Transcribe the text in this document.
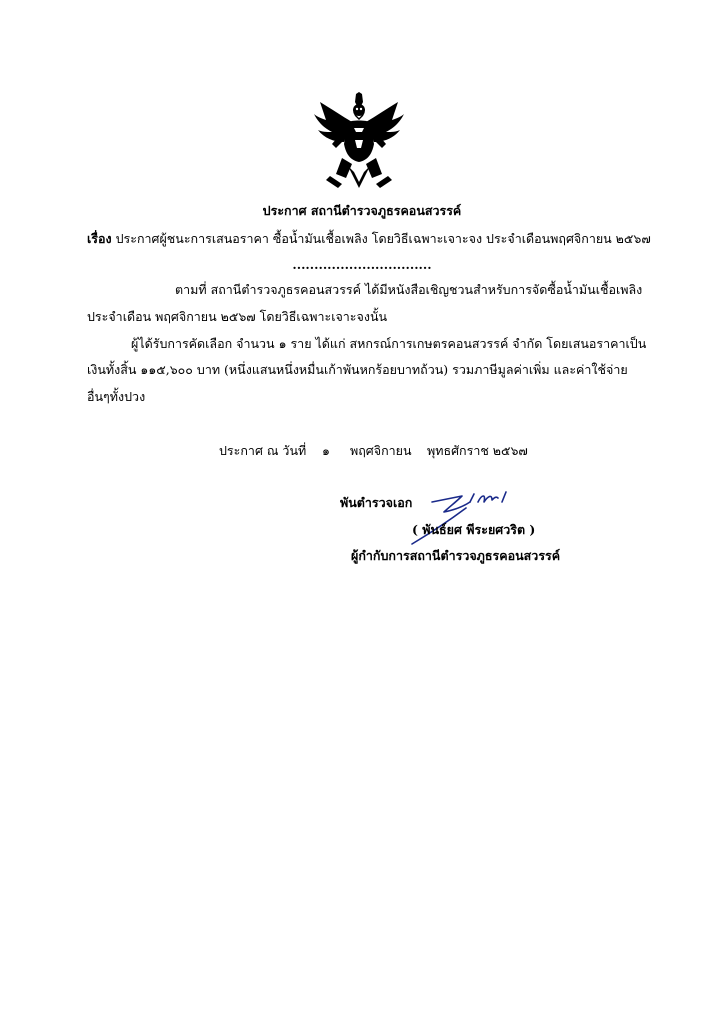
ประกาศ สถานีตำรวจภูธรคอนสวรรค์
เรื่อง ประกาศผู้ชนะการเสนอราคา ซื้อน้ำมันเชื้อเพลิง โดยวิธีเฉพาะเจาะจง ประจำเดือนพฤศจิกายน ๒๕๖๗
................................
ตามที่ สถานีตำรวจภูธรคอนสวรรค์ ได้มีหนังสือเชิญชวนสำหรับการจัดซื้อน้ำมันเชื้อเพลิง
ประจำเดือน พฤศจิกายน ๒๕๖๗ โดยวิธีเฉพาะเจาะจงนั้น
ผู้ได้รับการคัดเลือก จำนวน ๑ ราย ได้แก่ สหกรณ์การเกษตรคอนสวรรค์ จำกัด โดยเสนอราคาเป็น
เงินทั้งสิ้น ๑๑๕,๖๐๐ บาท (หนึ่งแสนหนึ่งหมื่นเก้าพันหกร้อยบาทถ้วน) รวมภาษีมูลค่าเพิ่ม และค่าใช้จ่าย
อื่นๆทั้งปวง
ประกาศ ณ วันที่ ๑ พฤศจิกายน พุทธศักราช ๒๕๖๗
พันตำรวจเอก
( พันธ์ยศ พีระยศวริต )
ผู้กำกับการสถานีตำรวจภูธรคอนสวรรค์
